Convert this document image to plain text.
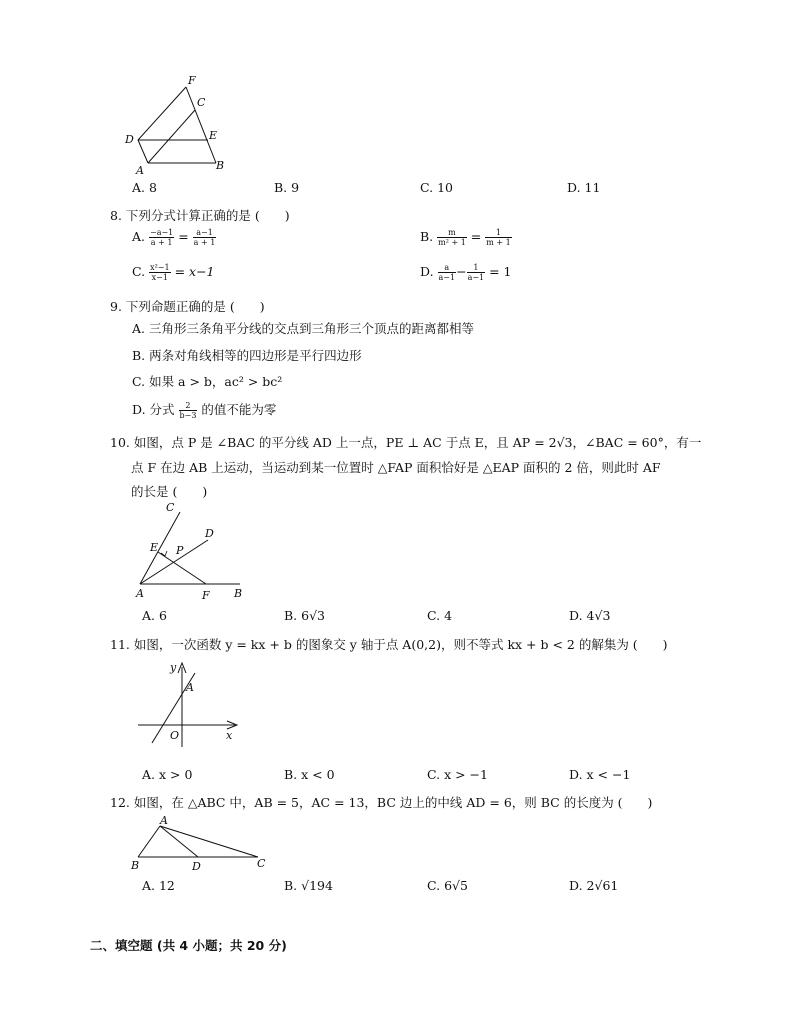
F
C
D	E
A	B
A. 8	B. 9	C. 10	D. 11
8. 下列分式计算正确的是 (　　)
A. $\frac{-a-1}{a + 1} = \frac{a-1}{a + 1}$	B. $\frac{m}{\text{m² + 1}} = \frac{1}{m + 1}$
C. $\frac{\text{x²−1}}{x-1} = x-1$	D. $\frac{a}{a-1} - \frac{1}{a-1} = 1$
9. 下列命题正确的是 (　　)
A. 三角形三条角平分线的交点到三角形三个顶点的距离都相等
B. 两条对角线相等的四边形是平行四边形
C. 如果 a > b，ac² > bc²
D. 分式 $\frac{2}{b-3}$ 的值不能为零
10. 如图，点 P 是 ∠BAC 的平分线 AD 上一点，PE ⊥ AC 于点 E，且 AP = 2√3，∠BAC = 60°，有一
点 F 在边 AB 上运动，当运动到某一位置时 △FAP 面积恰好是 △EAP 面积的 2 倍，则此时 AF
的长是 (　　)
C
D
E P
A	F B
A. 6	B. 6√3	C. 4	D. 4√3
11. 如图，一次函数 y = kx + b 的图象交 y 轴于点 A(0,2)，则不等式 kx + b < 2 的解集为 (　　)
y
A
O	x
A. x > 0	B. x < 0	C. x > −1	D. x < −1
12. 如图，在 △ABC 中，AB = 5，AC = 13，BC 边上的中线 AD = 6，则 BC 的长度为 (　　)
A
B	D	C
A. 12	B. √194	C. 6√5	D. 2√61
二、填空题 (共 4 小题；共 20 分)
